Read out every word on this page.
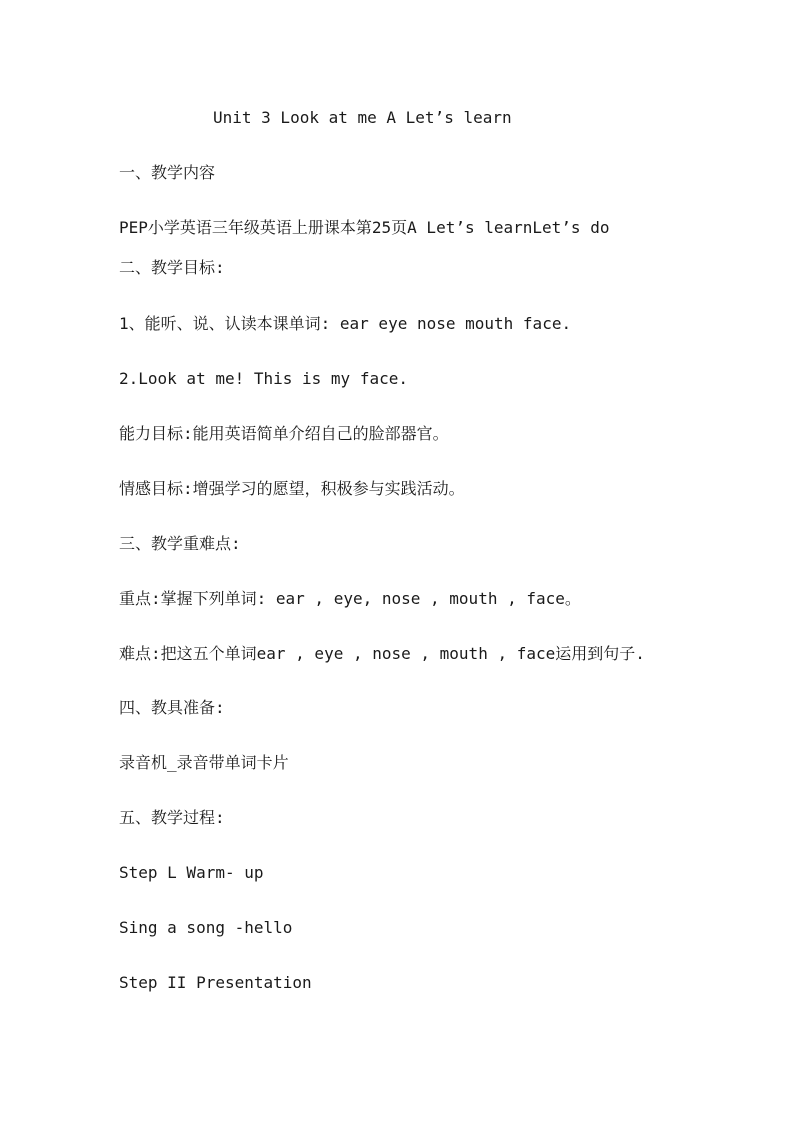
Unit 3 Look at me A Let’s learn
一、教学内容
PEP小学英语三年级英语上册课本第25页A Let’s learnLet’s do
二、教学目标:
1、能听、说、认读本课单词: ear eye nose mouth face.
2.Look at me! This is my face.
能力目标:能用英语简单介绍自己的脸部器官。
情感目标:增强学习的愿望，积极参与实践活动。
三、教学重难点:
重点:掌握下列单词: ear , eye, nose , mouth , face。
难点:把这五个单词ear , eye , nose , mouth , face运用到句子.
四、教具准备:
录音机_录音带单词卡片
五、教学过程:
Step L Warm- up
Sing a song -hello
Step II Presentation
